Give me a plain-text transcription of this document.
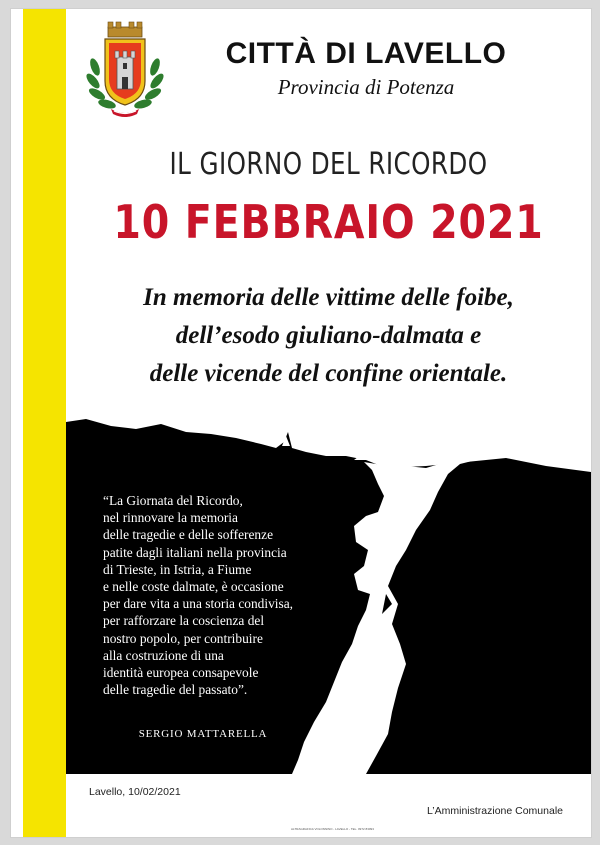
CITTÀ DI LAVELLO
Provincia di Potenza
IL GIORNO DEL RICORDO
10 FEBBRAIO 2021
In memoria delle vittime delle foibe,
dell’esodo giuliano-dalmata e
delle vicende del confine orientale.
“La Giornata del Ricordo,
nel rinnovare la memoria
delle tragedie e delle sofferenze
patite dagli italiani nella provincia
di Trieste, in Istria, a Fiume
e nelle coste dalmate, è occasione
per dare vita a una storia condivisa,
per rafforzare la coscienza del
nostro popolo, per contribuire
alla costruzione di una
identità europea consapevole
delle tragedie del passato”.
SERGIO MATTARELLA
Lavello, 10/02/2021
L’Amministrazione Comunale
ALTRAGRAFICA VOLONNINO - LAVELLO - TEL. 0972 83093
